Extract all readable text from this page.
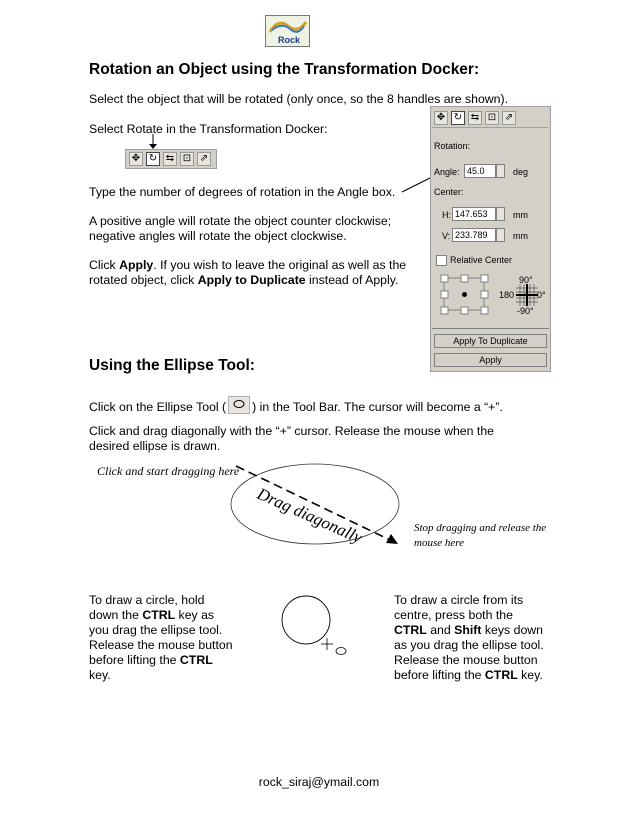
Rock
Rotation an Object using the Transformation Docker:

Select the object that will be rotated (only once, so the 8 handles are shown).

Select Rotate in the Transformation Docker:

✥ ↻ ⇆ ⊡ ⇗

Type the number of degrees of rotation in the Angle box.

A positive angle will rotate the object counter clockwise;

negative angles will rotate the object clockwise.

Click Apply. If you wish to leave the original as well as the

rotated object, click Apply to Duplicate instead of Apply.

✥ ↻ ⇆ ⊡ ⇗
Rotation:
Angle: 45.0	deg
Center:
H: 147.653	mm
V: 233.789	mm
Relative Center
90°
180	0°
-90°
Apply To Duplicate
Apply
Using the Ellipse Tool:

Click on the Ellipse Tool ( ) in the Tool Bar. The cursor will become a “+”.

Click and drag diagonally with the “+” cursor. Release the mouse when the

desired ellipse is drawn.

Click and start dragging here
Drag diagonally	Stop dragging and release the
mouse here

To draw a circle, hold

down the CTRL key as

you drag the ellipse tool.

Release the mouse button

before lifting the CTRL

key.

To draw a circle from its

centre, press both the

CTRL and Shift keys down

as you drag the ellipse tool.

Release the mouse button

before lifting the CTRL key.

rock_siraj@ymail.com
